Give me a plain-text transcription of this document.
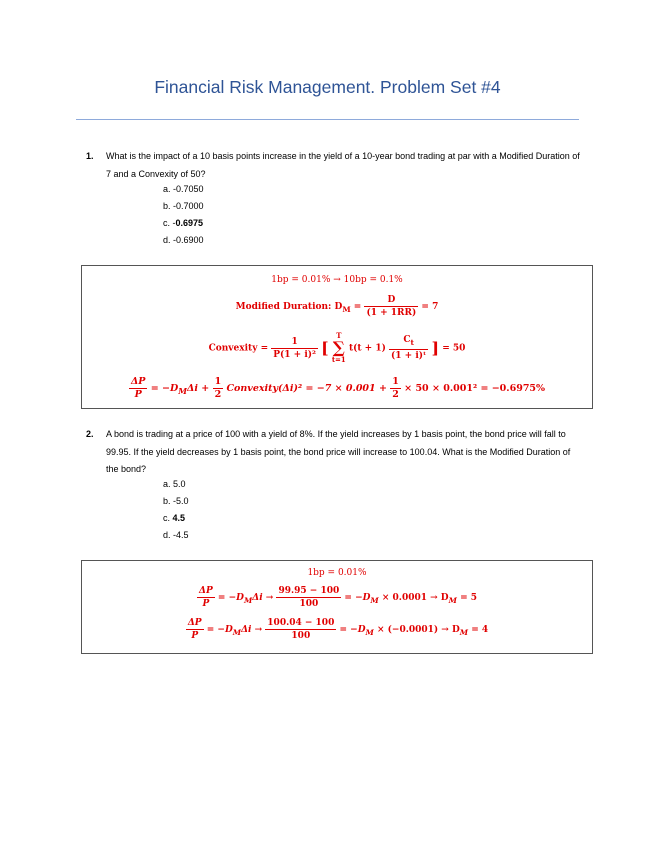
Financial Risk Management. Problem Set #4
1. What is the impact of a 10 basis points increase in the yield of a 10-year bond trading at par with a Modified Duration of 7 and a Convexity of 50?
a. -0.7050
b. -0.7000
c. -0.6975
d. -0.6900
1bp = 0.01% → 10bp = 0.1%
Modified Duration: $D_M = \frac{D}{(1 + 1RR)} = 7$
Convexity = $\frac{1}{\text{P(1 + i)²}}$ [ T
∑
t=1 $t(t + 1) \frac{C_t}{\text{(1 + i)ᵗ}}$ ] = 50
$\frac{\Delta P}{P} = -D_M\Delta i + \frac{1}{2}$ Convexity(Δi)² = $-7 \times 0.001 + \frac{1}{2} \times 50 \times 0.001^2 = -0.6975\%$
2. A bond is trading at a price of 100 with a yield of 8%. If the yield increases by 1 basis point, the bond price will fall to 99.95. If the yield decreases by 1 basis point, the bond price will increase to 100.04. What is the Modified Duration of the bond?
a. 5.0
b. -5.0
c. 4.5
d. -4.5
1bp = 0.01%
$\frac{\Delta P}{P} = -D_M\Delta i \to \frac{99.95 - 100}{100} = -D_M \times 0.0001 \to D_M = 5$
$\frac{\Delta P}{P} = -D_M\Delta i \to \frac{100.04 - 100}{100} = -D_M \times (-0.0001) \to D_M = 4$
